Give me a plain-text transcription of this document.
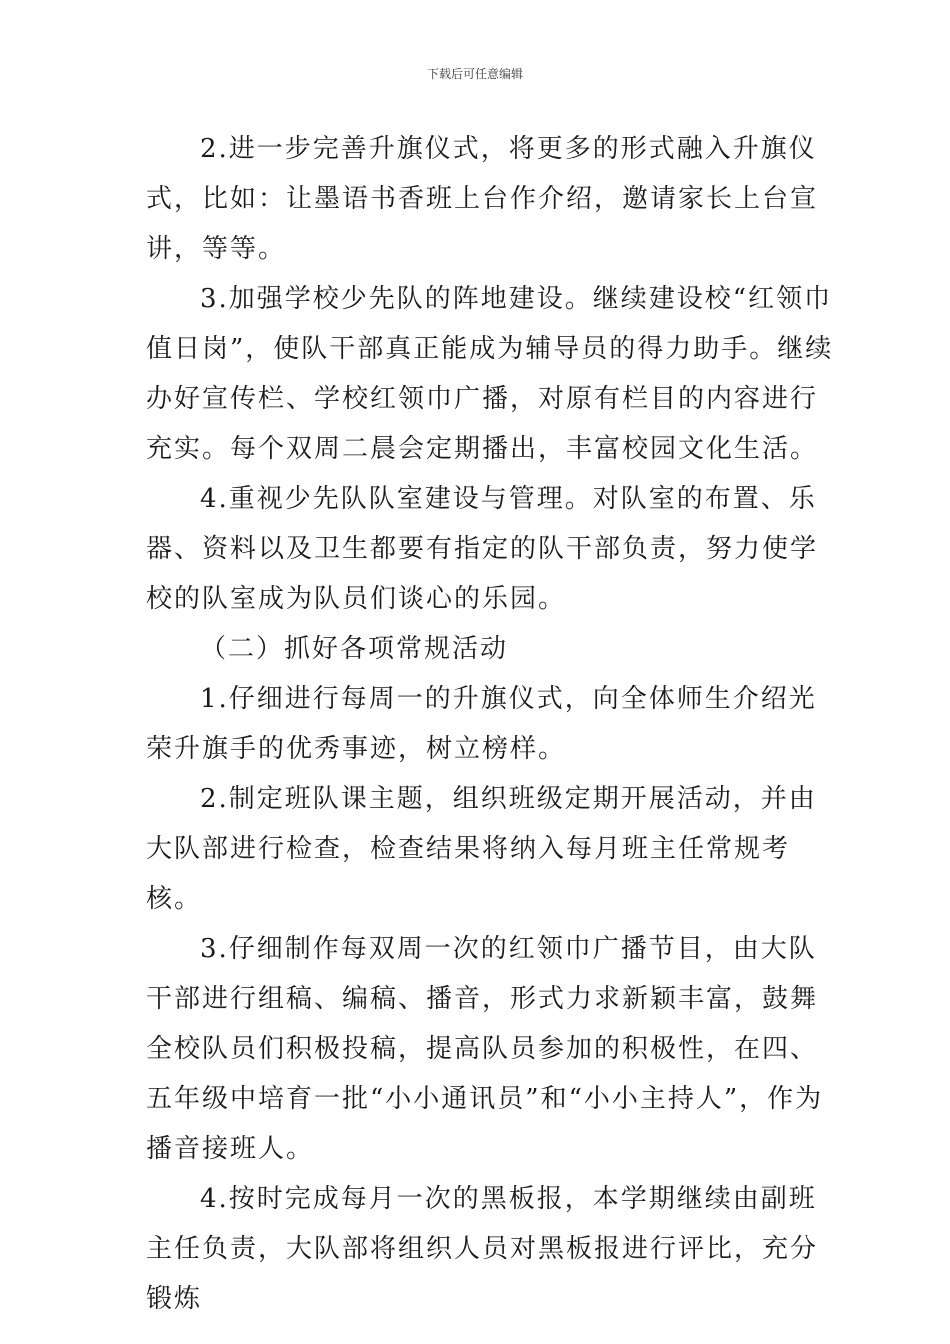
下载后可任意编辑

2.进一步完善升旗仪式，将更多的形式融入升旗仪式，比如：让墨语书香班上台作介绍，邀请家长上台宣讲，等等。

3.加强学校少先队的阵地建设。继续建设校“红领巾值日岗”，使队干部真正能成为辅导员的得力助手。继续办好宣传栏、学校红领巾广播，对原有栏目的内容进行充实。每个双周二晨会定期播出，丰富校园文化生活。

4.重视少先队队室建设与管理。对队室的布置、乐器、资料以及卫生都要有指定的队干部负责，努力使学校的队室成为队员们谈心的乐园。

（二）抓好各项常规活动

1.仔细进行每周一的升旗仪式，向全体师生介绍光荣升旗手的优秀事迹，树立榜样。

2.制定班队课主题，组织班级定期开展活动，并由大队部进行检查，检查结果将纳入每月班主任常规考核。

3.仔细制作每双周一次的红领巾广播节目，由大队干部进行组稿、编稿、播音，形式力求新颖丰富，鼓舞全校队员们积极投稿，提高队员参加的积极性，在四、五年级中培育一批“小小通讯员”和“小小主持人”，作为播音接班人。

4.按时完成每月一次的黑板报，本学期继续由副班主任负责，大队部将组织人员对黑板报进行评比，充分锻炼
